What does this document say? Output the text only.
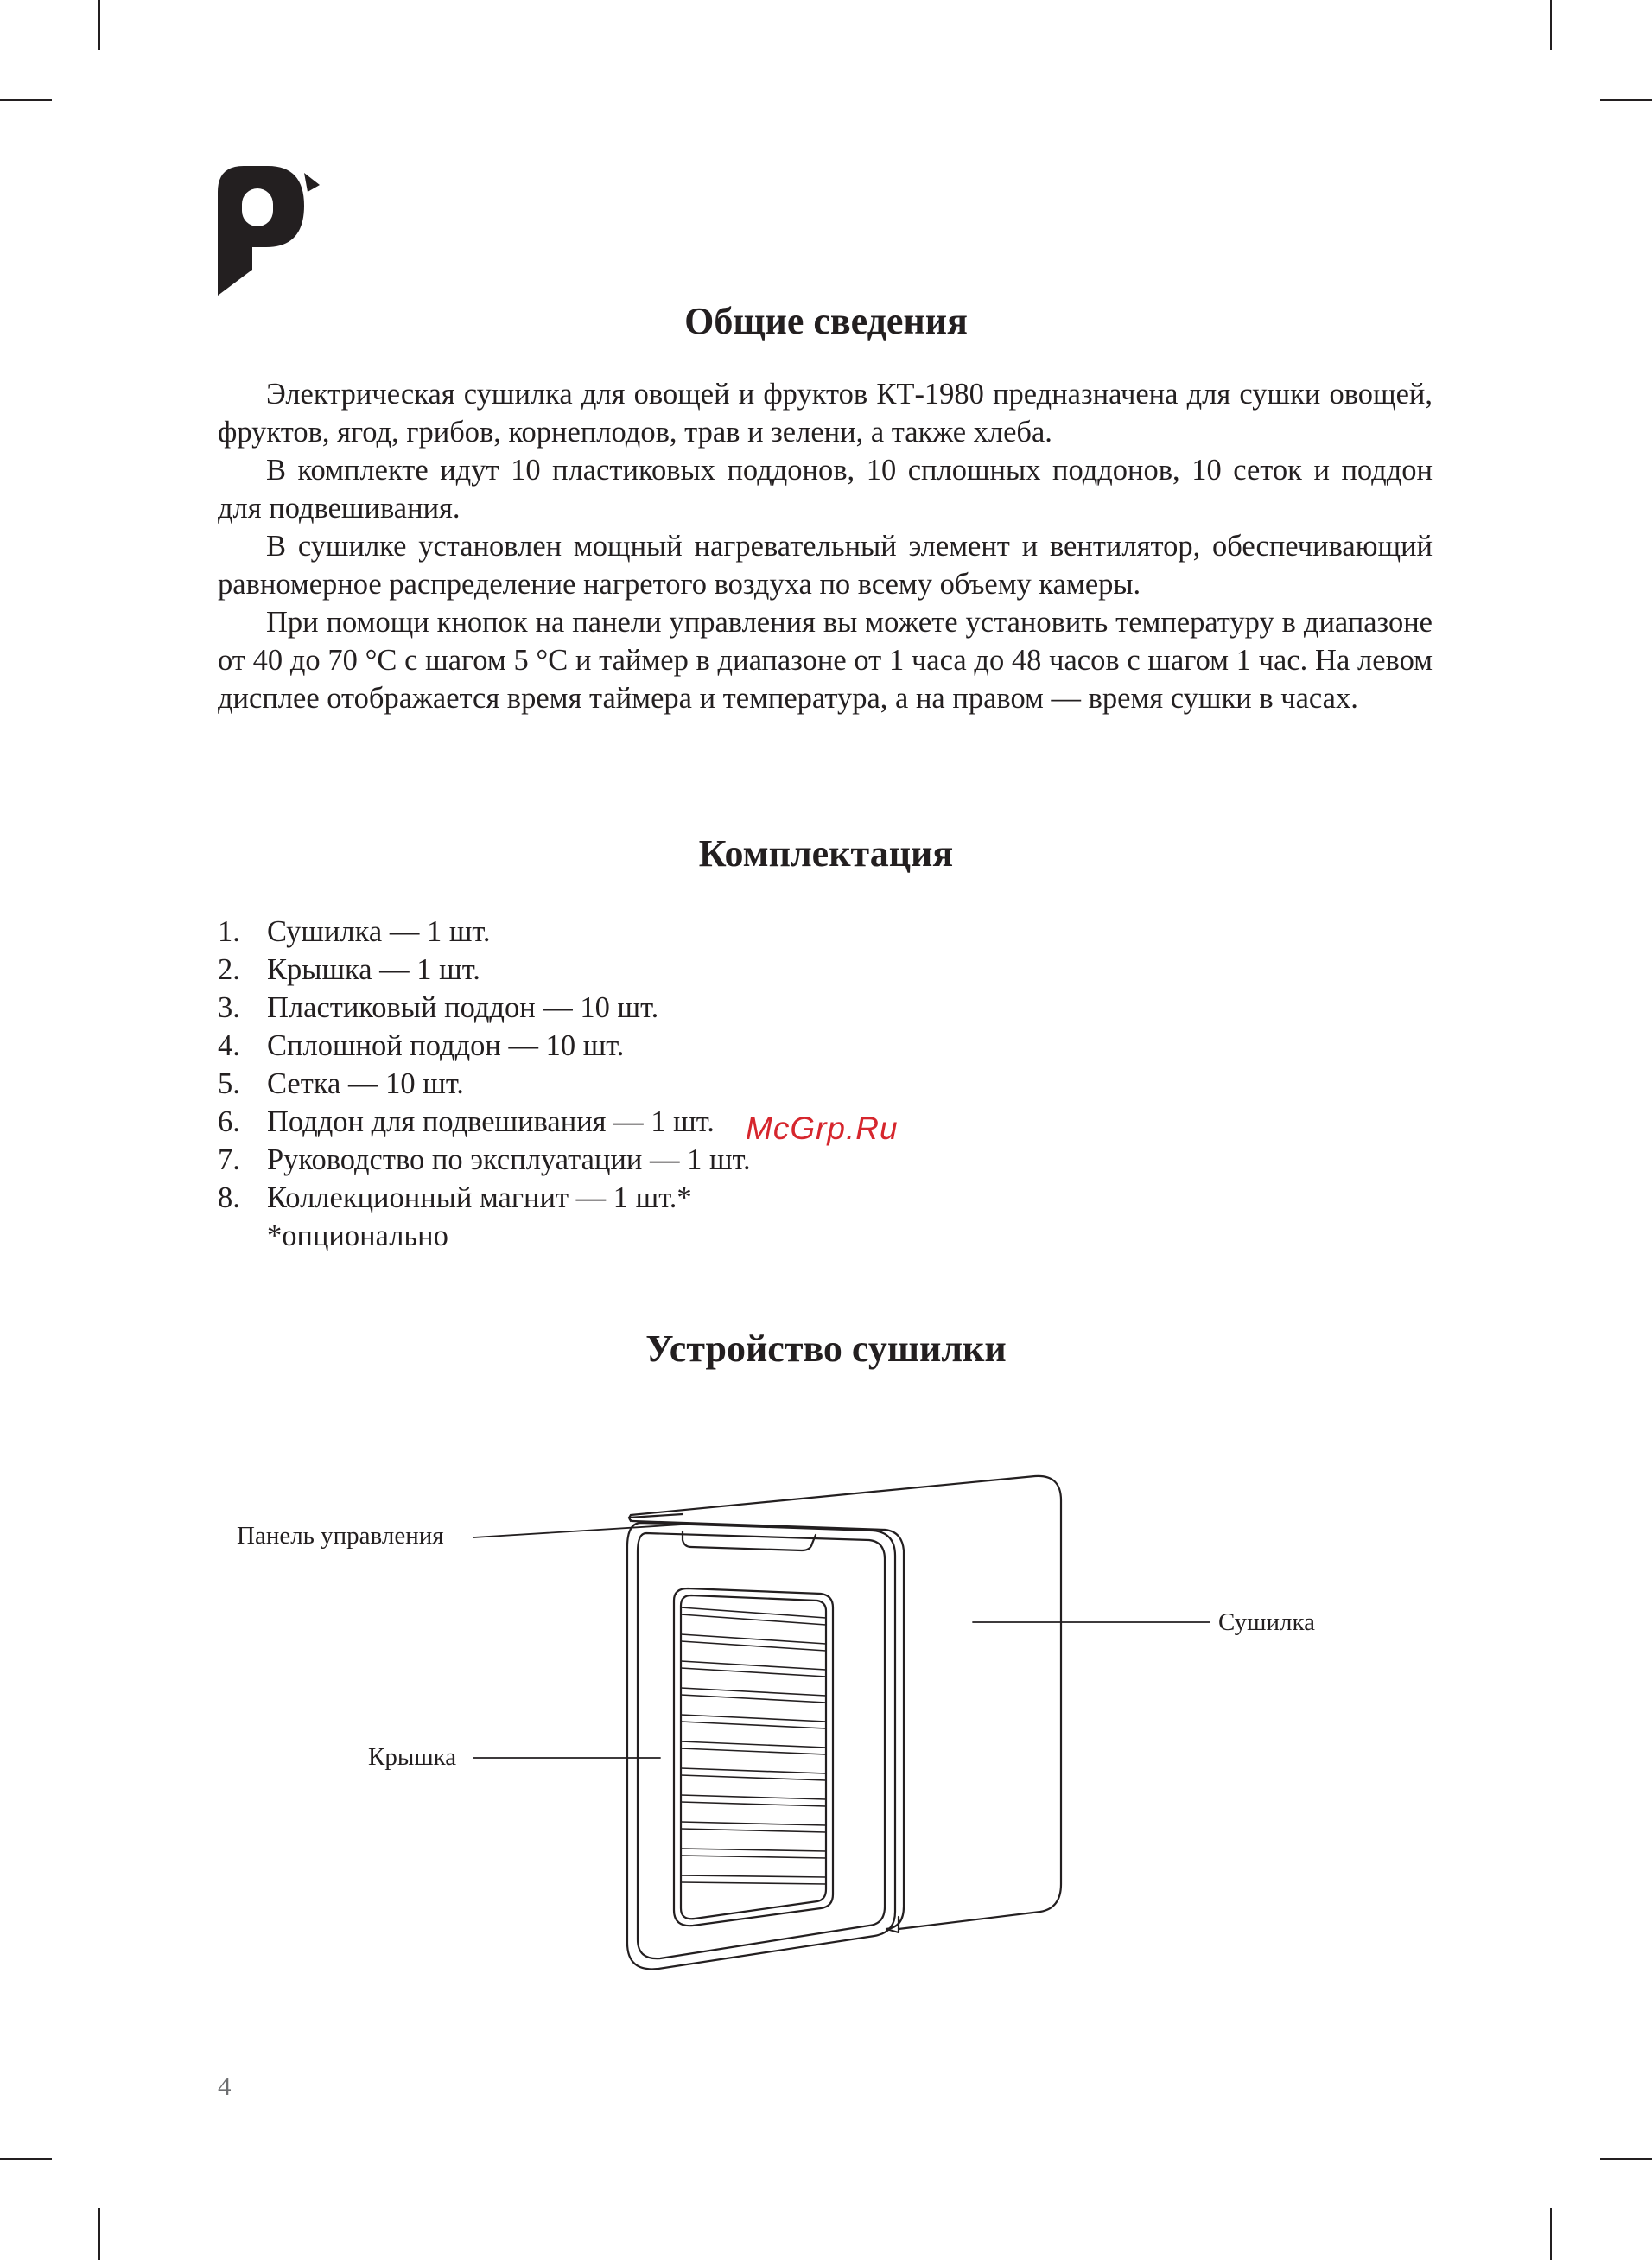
Общие сведения

Электрическая сушилка для овощей и фруктов КТ-1980 предназначена для сушки овощей, фруктов, ягод, грибов, корнеплодов, трав и зелени, а также хлеба.

В комплекте идут 10 пластиковых поддонов, 10 сплошных поддонов, 10 сеток и поддон для подвешивания.

В сушилке установлен мощный нагревательный элемент и вентилятор, обеспечивающий равномерное распределение нагретого воздуха по всему объему камеры.

При помощи кнопок на панели управления вы можете установить температуру в диапазоне от 40 до 70 °C с шагом 5 °C и таймер в диапазоне от 1 часа до 48 часов с шагом 1 час. На левом дисплее отображается время таймера и температура, а на правом — время сушки в часах.

Комплектация
1. Сушилка — 1 шт.
2. Крышка — 1 шт.
3. Пластиковый поддон — 10 шт.
4. Сплошной поддон — 10 шт.
5. Сетка — 10 шт.
6. Поддон для подвешивания — 1 шт.
7. Руководство по эксплуатации — 1 шт.
8. Коллекционный магнит — 1 шт.*
*опционально
McGrp.Ru
Устройство сушилки
Панель управления
Крышка
Сушилка
4
